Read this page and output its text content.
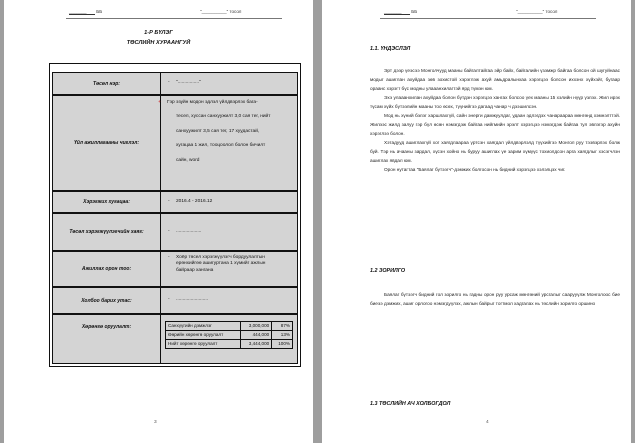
_______ ББ	"__________" тосол
1-Р БҮЛЭГ
ТӨСЛИЙН ХУРААНГУЙ
Төсөл нэр:	- "................"
Үйл ажиллагааны чиглэл:
+ Гэр эзуйн модон эдлэл үйлдвэрлэх бага-
тесел, хуссан санхуужилт 3,0 сая тег, нийт
санхуужилт 3,5 сая тег, 17 хуудастай,
хугацаа 1 жил, тооцоолол болон бичилт
сайн, word
Хэрэгжих хугацаа:	- 2016.4 - 2016.12
Төсөл хэрэгжүүлэгчийн хаяг:	- ...................
Ажиллах орон тоо:
- Хоёр төсел хэрэгжүүлэгч бордуулалтын
ерөнхийгөө ашигуртана 1 хүмийг ажлын
байраар хангана
Холбоо барих утас:	- ........................
Хөрөнгө оруулалт:	Санхүүгийн дэмжлэг	3,000,000	87%
Өөрийн хөрөнгө оруулалт	444,000	13%
Нийт хөрөнгө оруулалт	3,444,000	100%
3
_______ ББ	"__________" тосол
1.1. ҮНДЭСЛЭЛ

Эрт дээр үеэсээ Монголчууд мааны байгалтайгаа эйр байх, байгалийн үзэмжр байгаа болсон ой шугуйнаас модыг ашиглан ахуйдаа зөв зохистой хэрэглэж ахуй амьдралынхаа хэрэгцээ болсон иххэнх хүйхэйг, бугаар ораанс хэрэгт бүс модны улааанхилагтэй ярд түмэн юм.

Эхэ улааанхилан ахуйдаа болон бүтдэн хэрэгцээ хангах болсоо үех мааны 15 хэлийн нүүр үзлэх. Жил ирэх түсам хүйх бүтээлийн мааны тоо өсөх, түүнийгээ дагаад чанар ч дээшилсэн.

Мод нь хүний бэлэг харшлахгүй, сайн энерги дамжуулдаг, удаан эдлэгдэх чанараараа мөнгөнд хэмнэлттэй. Жилээс жилд залуу гэр бүл өсөн нэмэгдэж байгаа нийгмийн эрэлт хэрэгцээ нэмэгдэж байгаа тул эвлэгэр ахуйн хэрэглээ болон.

Хэтадууд ашиглахгүй хог хаягдлаараа үртсэн хаягдал үйлдвэрлэлд түүхийгээ Монгол руу тээвэрлэх болж буй. Тэр нь ачааны зардал, хүсэн хойно нь буруу ашиглах үе зарим хүмүүс тохиолдсон арга хаягдлыг хэсэгчлэн ашиглах явдал юм.

Орон нутагтаа "Баялаг бүтээгч"-дэмжих болгосон нь бидний хэрэгцээ хэлэлцэх чиг.

1.2 ЗОРИЛГО

Баялаг бүтээгч бидний гол зорилго нь гадны орон руу урсаж мөнгөний урсгалыг саарууүлж Монголоос бие биеээ дэмжих, ашиг орлогоо нэмэгдүүлэх, ажлын байрыг тогтмол хадгалах нь төслийн зорилго оршино

1.3 ТӨСЛИЙН АЧ ХОЛБОГДОЛ
4
